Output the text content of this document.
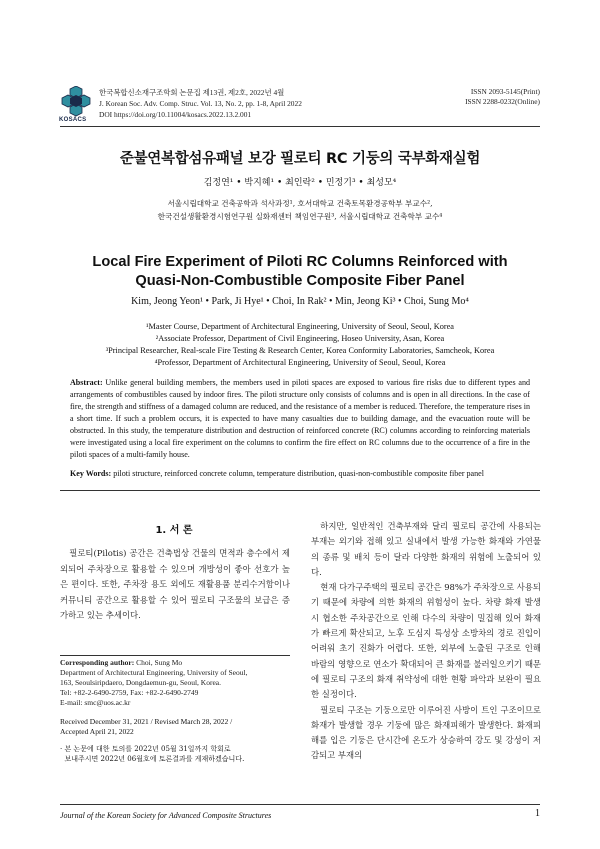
KOSACS
한국복합신소재구조학회 논문집 제13권, 제2호, 2022년 4월
J. Korean Soc. Adv. Comp. Struc. Vol. 13, No. 2, pp. 1-8, April 2022
DOI https://doi.org/10.11004/kosacs.2022.13.2.001
ISSN 2093-5145(Print)
ISSN 2288-0232(Online)
준불연복합섬유패널 보강 필로티 RC 기둥의 국부화재실험
김정연¹ • 박지혜¹ • 최인락² • 민정기³ • 최성모⁴
서울시립대학교 건축공학과 석사과정¹, 호서대학교 건축토목환경공학부 부교수²,
한국건설생활환경시험연구원 실화재센터 책임연구원³, 서울시립대학교 건축학부 교수⁴
Local Fire Experiment of Piloti RC Columns Reinforced with
Quasi-Non-Combustible Composite Fiber Panel
Kim, Jeong Yeon¹ • Park, Ji Hye¹ • Choi, In Rak² • Min, Jeong Ki³ • Choi, Sung Mo⁴
¹Master Course, Department of Architectural Engineering, University of Seoul, Seoul, Korea
²Associate Professor, Department of Civil Engineering, Hoseo University, Asan, Korea
³Principal Researcher, Real-scale Fire Testing & Research Center, Korea Conformity Laboratories, Samcheok, Korea
⁴Professor, Department of Architectural Engineering, University of Seoul, Seoul, Korea
Abstract: Unlike general building members, the members used in piloti spaces are exposed to various fire risks due to different types and arrangements of combustibles caused by indoor fires. The piloti structure only consists of columns and is open in all directions. In the case of fire, the strength and stiffness of a damaged column are reduced, and the resistance of a member is reduced. Therefore, the temperature rises in a short time. If such a problem occurs, it is expected to have many casualties due to building damage, and the evacuation route will be obstructed. In this study, the temperature distribution and destruction of reinforced concrete (RC) columns according to reinforcing materials were investigated using a local fire experiment on the columns to confirm the fire effect on RC columns due to the occurrence of a fire in the piloti spaces of a multi-family house.
Key Words: piloti structure, reinforced concrete column, temperature distribution, quasi-non-combustible composite fiber panel
1. 서 론

필로티(Pilotis) 공간은 건축법상 건물의 면적과 층수에서 제외되어 주차장으로 활용할 수 있으며 개방성이 좋아 선호가 높은 편이다. 또한, 주차장 용도 외에도 재활용품 분리수거함이나 커뮤니티 공간으로 활용할 수 있어 필로티 구조물의 보급은 증가하고 있는 추세이다.

하지만, 일반적인 건축부재와 달리 필로티 공간에 사용되는 부재는 외기와 접해 있고 실내에서 발생 가능한 화재와 가연물의 종류 및 배치 등이 달라 다양한 화재의 위험에 노출되어 있다.

현재 다가구주택의 필로티 공간은 98%가 주차장으로 사용되기 때문에 차량에 의한 화재의 위험성이 높다. 차량 화재 발생 시 협소한 주차공간으로 인해 다수의 차량이 밀집해 있어 화재가 빠르게 확산되고, 노후 도심지 특성상 소방차의 경로 진입이 어려워 초기 진화가 어렵다. 또한, 외부에 노출된 구조로 인해 바람의 영향으로 연소가 확대되어 큰 화재를 불러일으키기 때문에 필로티 구조의 화재 취약성에 대한 현황 파악과 보완이 필요한 실정이다.

필로티 구조는 기둥으로만 이루어진 사방이 트인 구조이므로 화재가 발생할 경우 기둥에 많은 화재피해가 발생한다. 화재피해를 입은 기둥은 단시간에 온도가 상승하여 강도 및 강성이 저감되고 부재의

Corresponding author: Choi, Sung Mo
Department of Architectural Engineering, University of Seoul,
163, Seoulsiripdaero, Dongdaemun-gu, Seoul, Korea.
Tel: +82-2-6490-2759, Fax: +82-2-6490-2749
E-mail: smc@uos.ac.kr
Received December 31, 2021 / Revised March 28, 2022 /
Accepted April 21, 2022
· 본 논문에 대한 토의를 2022년 05월 31일까지 학회로
보내주시면 2022년 06월호에 토론결과를 게재하겠습니다.
Journal of the Korean Society for Advanced Composite Structures	1
